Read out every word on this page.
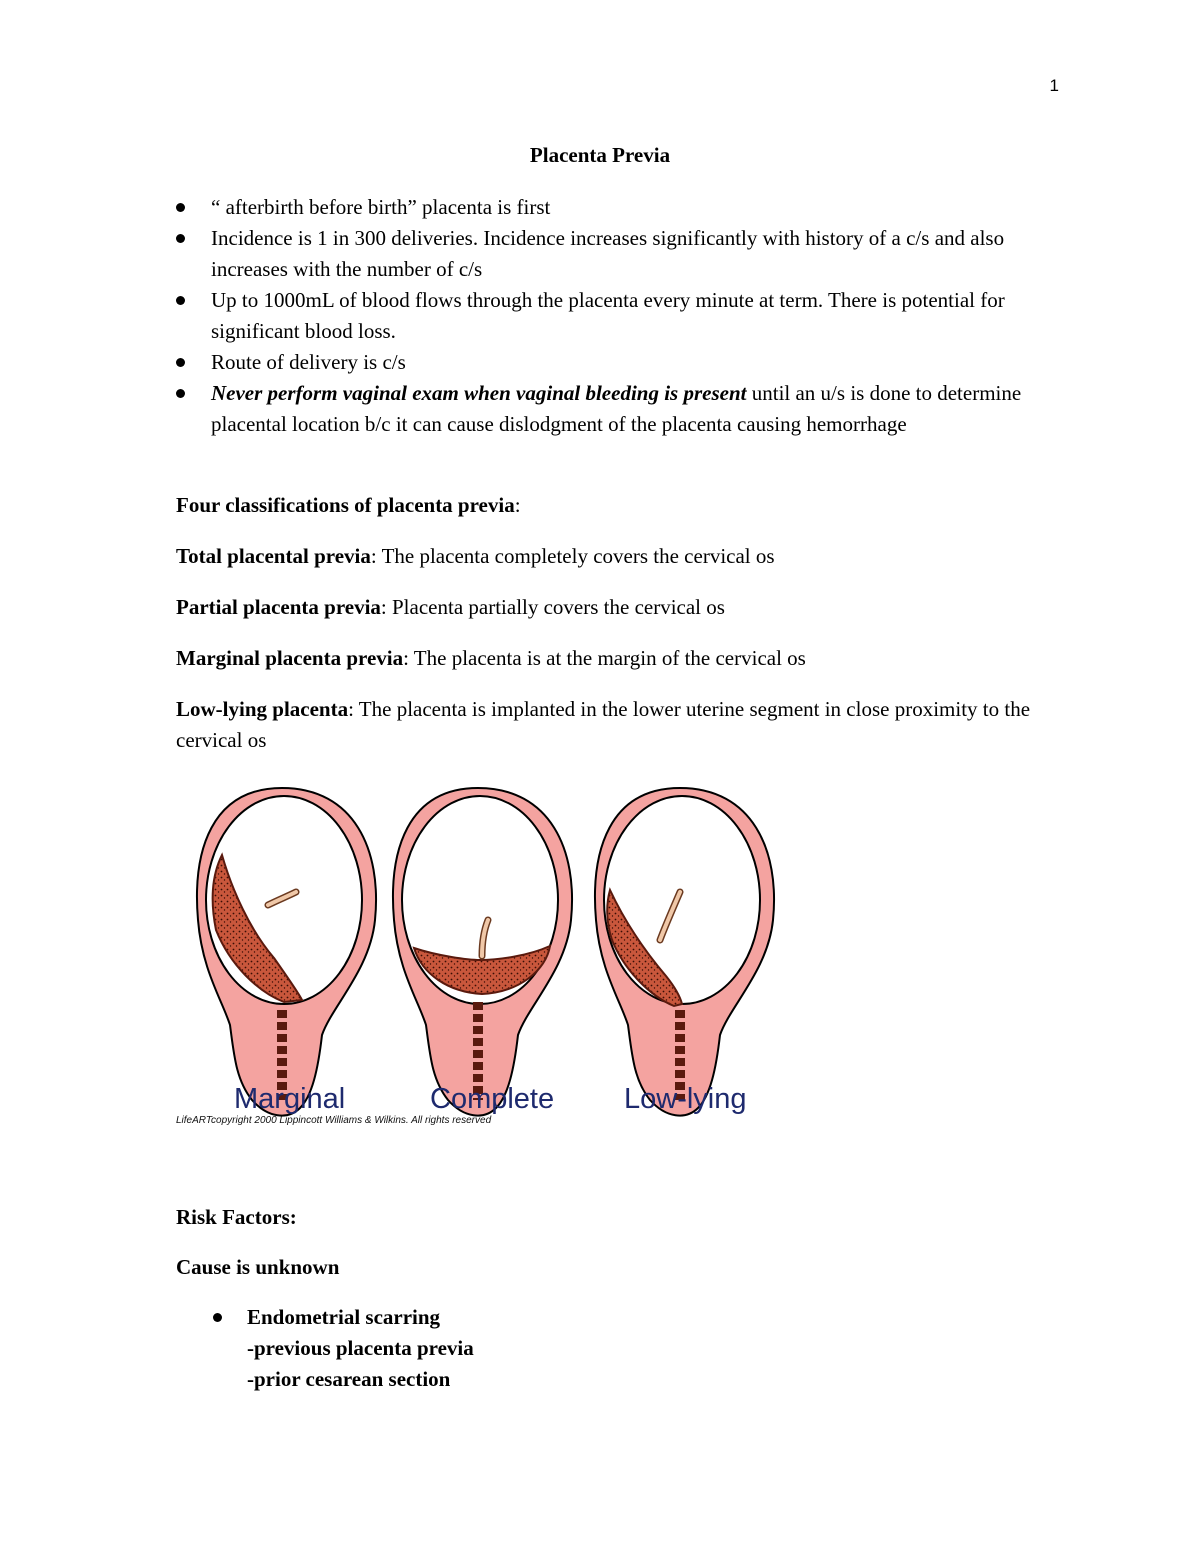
1
Placenta Previa
“ afterbirth before birth” placenta is first
Incidence is 1 in 300 deliveries. Incidence increases significantly with history of a c/s and also increases with the number of c/s
Up to 1000mL of blood flows through the placenta every minute at term. There is potential for significant blood loss.
Route of delivery is c/s
Never perform vaginal exam when vaginal bleeding is present until an u/s is done to determine placental location b/c it can cause dislodgment of the placenta causing hemorrhage

Four classifications of placenta previa:

Total placental previa: The placenta completely covers the cervical os

Partial placenta previa: Placenta partially covers the cervical os

Marginal placenta previa: The placenta is at the margin of the cervical os

Low-lying placenta: The placenta is implanted in the lower uterine segment in close proximity to the cervical os

Marginal	Complete Low-lying
LifeARTcopyright 2000 Lippincott Williams & Wilkins. All rights reserved

Risk Factors:

Cause is unknown

Endometrial scarring
-previous placenta previa
-prior cesarean section
